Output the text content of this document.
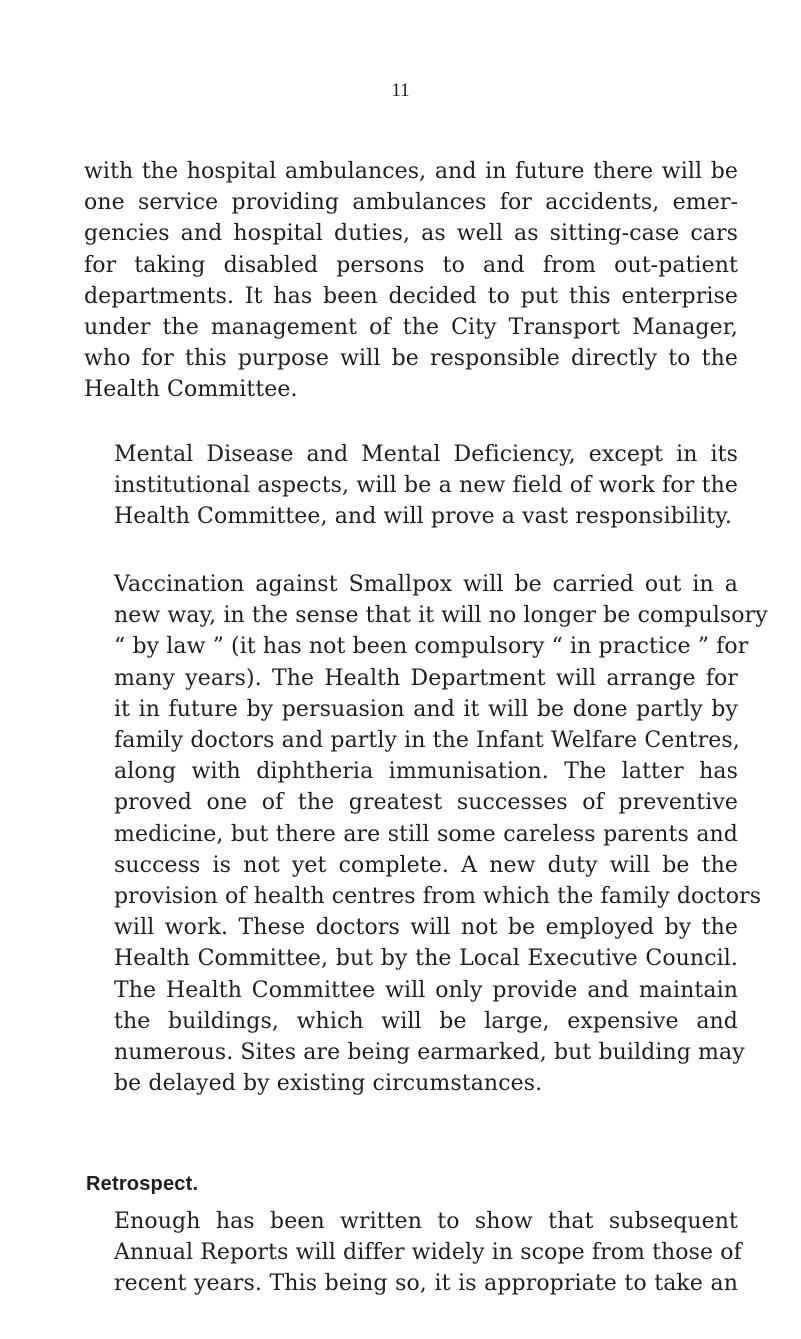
11
with the hospital ambulances, and in future there will be
one service providing ambulances for accidents, emer-
gencies and hospital duties, as well as sitting-case cars
for taking disabled persons to and from out-patient
departments. It has been decided to put this enterprise
under the management of the City Transport Manager,
who for this purpose will be responsible directly to the
Health Committee.
Mental Disease and Mental Deficiency, except in its
institutional aspects, will be a new field of work for the
Health Committee, and will prove a vast responsibility.
Vaccination against Smallpox will be carried out in a
new way, in the sense that it will no longer be compulsory
“ by law ” (it has not been compulsory “ in practice ” for
many years). The Health Department will arrange for
it in future by persuasion and it will be done partly by
family doctors and partly in the Infant Welfare Centres,
along with diphtheria immunisation. The latter has
proved one of the greatest successes of preventive
medicine, but there are still some careless parents and
success is not yet complete. A new duty will be the
provision of health centres from which the family doctors
will work. These doctors will not be employed by the
Health Committee, but by the Local Executive Council.
The Health Committee will only provide and maintain
the buildings, which will be large, expensive and
numerous. Sites are being earmarked, but building may
be delayed by existing circumstances.
Retrospect.
Enough has been written to show that subsequent
Annual Reports will differ widely in scope from those of
recent years. This being so, it is appropriate to take an
